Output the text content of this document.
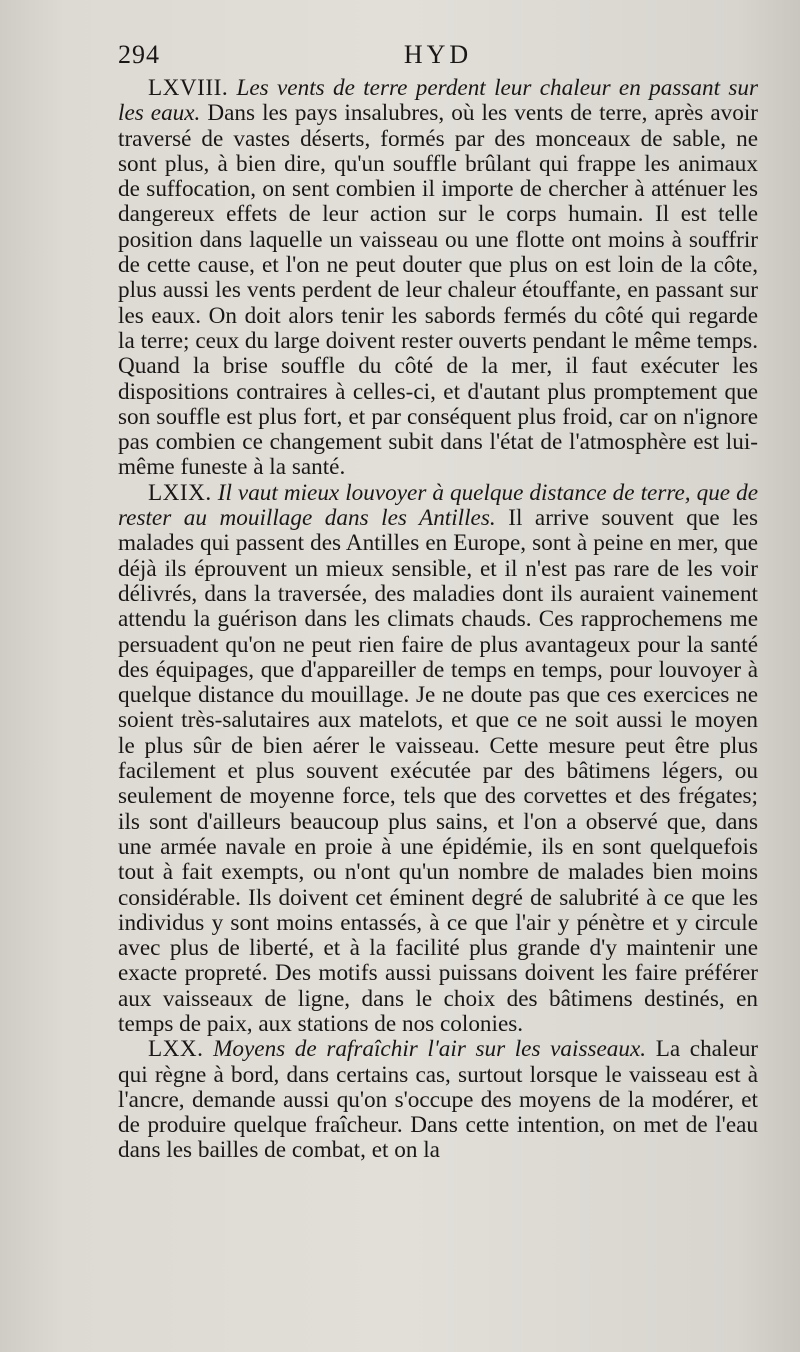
294	HYD

LXVIII. Les vents de terre perdent leur chaleur en passant sur les eaux. Dans les pays insalubres, où les vents de terre, après avoir traversé de vastes déserts, formés par des monceaux de sable, ne sont plus, à bien dire, qu'un souffle brûlant qui frappe les animaux de suffocation, on sent combien il importe de chercher à atténuer les dangereux effets de leur action sur le corps humain. Il est telle position dans laquelle un vaisseau ou une flotte ont moins à souffrir de cette cause, et l'on ne peut douter que plus on est loin de la côte, plus aussi les vents perdent de leur chaleur étouffante, en passant sur les eaux. On doit alors tenir les sabords fermés du côté qui regarde la terre; ceux du large doivent rester ouverts pendant le même temps. Quand la brise souffle du côté de la mer, il faut exécuter les dispositions contraires à celles-ci, et d'autant plus promptement que son souffle est plus fort, et par conséquent plus froid, car on n'ignore pas combien ce changement subit dans l'état de l'atmosphère est lui-même funeste à la santé.

LXIX. Il vaut mieux louvoyer à quelque distance de terre, que de rester au mouillage dans les Antilles. Il arrive souvent que les malades qui passent des Antilles en Europe, sont à peine en mer, que déjà ils éprouvent un mieux sensible, et il n'est pas rare de les voir délivrés, dans la traversée, des maladies dont ils auraient vainement attendu la guérison dans les climats chauds. Ces rapprochemens me persuadent qu'on ne peut rien faire de plus avantageux pour la santé des équipages, que d'appareiller de temps en temps, pour louvoyer à quelque distance du mouillage. Je ne doute pas que ces exercices ne soient très-salutaires aux matelots, et que ce ne soit aussi le moyen le plus sûr de bien aérer le vaisseau. Cette mesure peut être plus facilement et plus souvent exécutée par des bâtimens légers, ou seulement de moyenne force, tels que des corvettes et des frégates; ils sont d'ailleurs beaucoup plus sains, et l'on a observé que, dans une armée navale en proie à une épidémie, ils en sont quelquefois tout à fait exempts, ou n'ont qu'un nombre de malades bien moins considérable. Ils doivent cet éminent degré de salubrité à ce que les individus y sont moins entassés, à ce que l'air y pénètre et y circule avec plus de liberté, et à la facilité plus grande d'y maintenir une exacte propreté. Des motifs aussi puissans doivent les faire préférer aux vaisseaux de ligne, dans le choix des bâtimens destinés, en temps de paix, aux stations de nos colonies.

LXX. Moyens de rafraîchir l'air sur les vaisseaux. La chaleur qui règne à bord, dans certains cas, surtout lorsque le vaisseau est à l'ancre, demande aussi qu'on s'occupe des moyens de la modérer, et de produire quelque fraîcheur. Dans cette intention, on met de l'eau dans les bailles de combat, et on la
